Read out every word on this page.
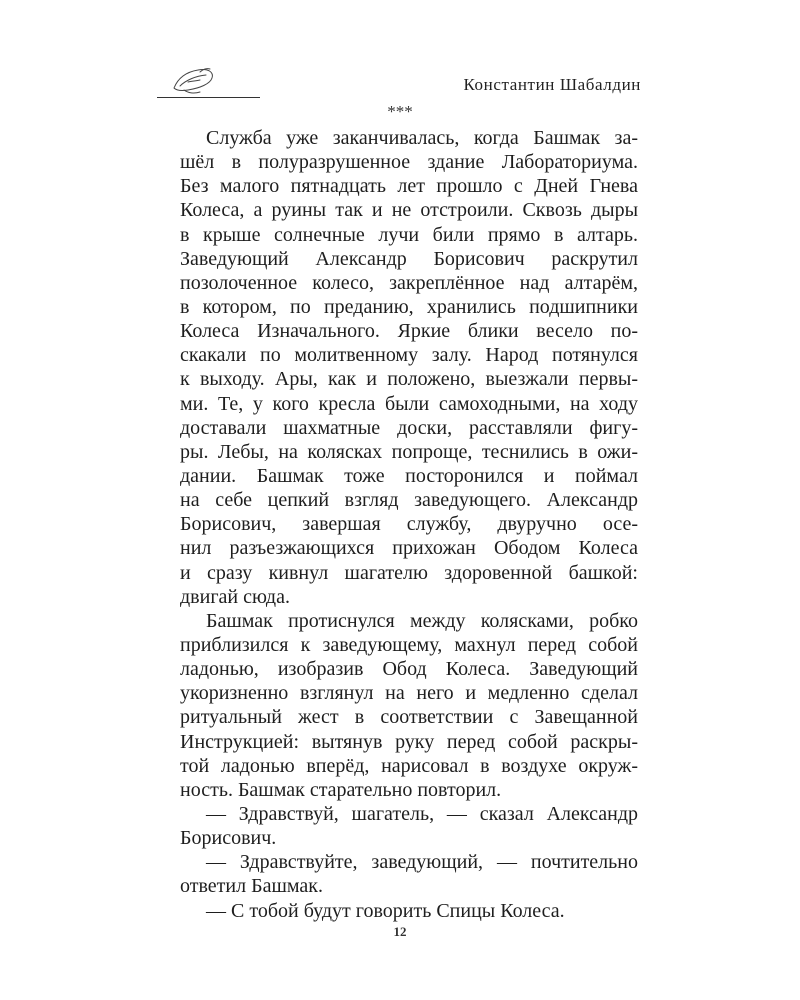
Константин Шабалдин
***
Служба уже заканчивалась, когда Башмак за-
шёл в полуразрушенное здание Лабораториума.
Без малого пятнадцать лет прошло с Дней Гнева
Колеса, а руины так и не отстроили. Сквозь дыры
в крыше солнечные лучи били прямо в алтарь.
Заведующий Александр Борисович раскрутил
позолоченное колесо, закреплённое над алтарём,
в котором, по преданию, хранились подшипники
Колеса Изначального. Яркие блики весело по-
скакали по молитвенному залу. Народ потянулся
к выходу. Ары, как и положено, выезжали первы-
ми. Те, у кого кресла были самоходными, на ходу
доставали шахматные доски, расставляли фигу-
ры. Лебы, на колясках попроще, теснились в ожи-
дании. Башмак тоже посторонился и поймал
на себе цепкий взгляд заведующего. Александр
Борисович, завершая службу, двуручно осе-
нил разъезжающихся прихожан Ободом Колеса
и сразу кивнул шагателю здоровенной башкой:
двигай сюда.
Башмак протиснулся между колясками, робко
приблизился к заведующему, махнул перед собой
ладонью, изобразив Обод Колеса. Заведующий
укоризненно взглянул на него и медленно сделал
ритуальный жест в соответствии с Завещанной
Инструкцией: вытянув руку перед собой раскры-
той ладонью вперёд, нарисовал в воздухе окруж-
ность. Башмак старательно повторил.
— Здравствуй, шагатель, — сказал Александр
Борисович.
— Здравствуйте, заведующий, — почтительно
ответил Башмак.
— С тобой будут говорить Спицы Колеса.
12
